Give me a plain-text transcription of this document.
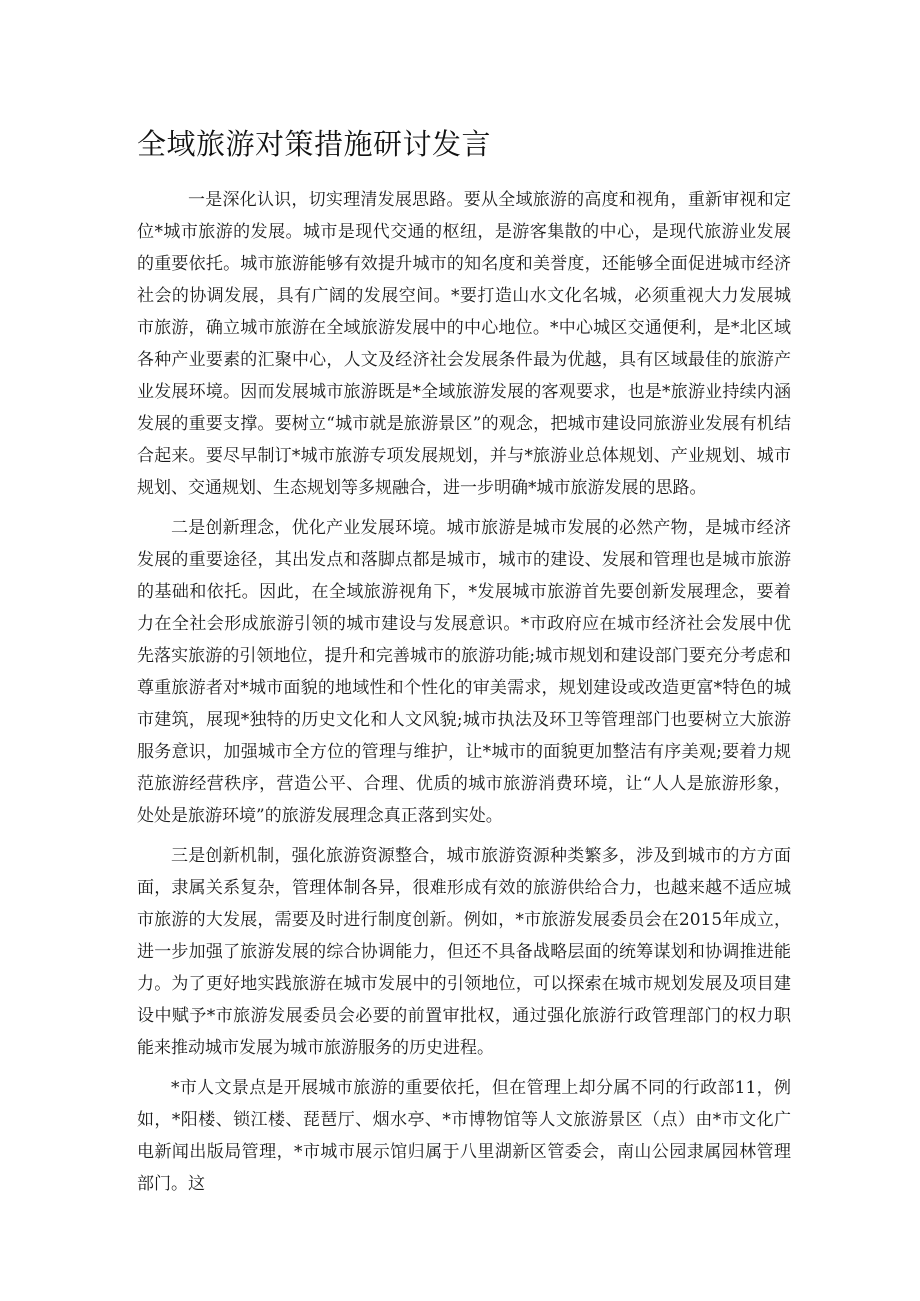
全域旅游对策措施研讨发言

一是深化认识，切实理清发展思路。要从全域旅游的高度和视角，重新审视和定位*城市旅游的发展。城市是现代交通的枢纽，是游客集散的中心，是现代旅游业发展的重要依托。城市旅游能够有效提升城市的知名度和美誉度，还能够全面促进城市经济社会的协调发展，具有广阔的发展空间。*要打造山水文化名城，必须重视大力发展城市旅游，确立城市旅游在全域旅游发展中的中心地位。*中心城区交通便利，是*北区域各种产业要素的汇聚中心，人文及经济社会发展条件最为优越，具有区域最佳的旅游产业发展环境。因而发展城市旅游既是*全域旅游发展的客观要求，也是*旅游业持续内涵发展的重要支撑。要树立“城市就是旅游景区”的观念，把城市建设同旅游业发展有机结合起来。要尽早制订*城市旅游专项发展规划，并与*旅游业总体规划、产业规划、城市规划、交通规划、生态规划等多规融合，进一步明确*城市旅游发展的思路。

二是创新理念，优化产业发展环境。城市旅游是城市发展的必然产物，是城市经济发展的重要途径，其出发点和落脚点都是城市，城市的建设、发展和管理也是城市旅游的基础和依托。因此，在全域旅游视角下，*发展城市旅游首先要创新发展理念，要着力在全社会形成旅游引领的城市建设与发展意识。*市政府应在城市经济社会发展中优先落实旅游的引领地位，提升和完善城市的旅游功能;城市规划和建设部门要充分考虑和尊重旅游者对*城市面貌的地域性和个性化的审美需求，规划建设或改造更富*特色的城市建筑，展现*独特的历史文化和人文风貌;城市执法及环卫等管理部门也要树立大旅游服务意识，加强城市全方位的管理与维护，让*城市的面貌更加整洁有序美观;要着力规范旅游经营秩序，营造公平、合理、优质的城市旅游消费环境，让“人人是旅游形象，处处是旅游环境”的旅游发展理念真正落到实处。

三是创新机制，强化旅游资源整合，城市旅游资源种类繁多，涉及到城市的方方面面，隶属关系复杂，管理体制各异，很难形成有效的旅游供给合力，也越来越不适应城市旅游的大发展，需要及时进行制度创新。例如，*市旅游发展委员会在2015年成立，进一步加强了旅游发展的综合协调能力，但还不具备战略层面的统筹谋划和协调推进能力。为了更好地实践旅游在城市发展中的引领地位，可以探索在城市规划发展及项目建设中赋予*市旅游发展委员会必要的前置审批权，通过强化旅游行政管理部门的权力职能来推动城市发展为城市旅游服务的历史进程。

*市人文景点是开展城市旅游的重要依托，但在管理上却分属不同的行政部11，例如，*阳楼、锁江楼、琵琶厅、烟水亭、*市博物馆等人文旅游景区（点）由*市文化广电新闻出版局管理，*市城市展示馆归属于八里湖新区管委会，南山公园隶属园林管理部门。这
